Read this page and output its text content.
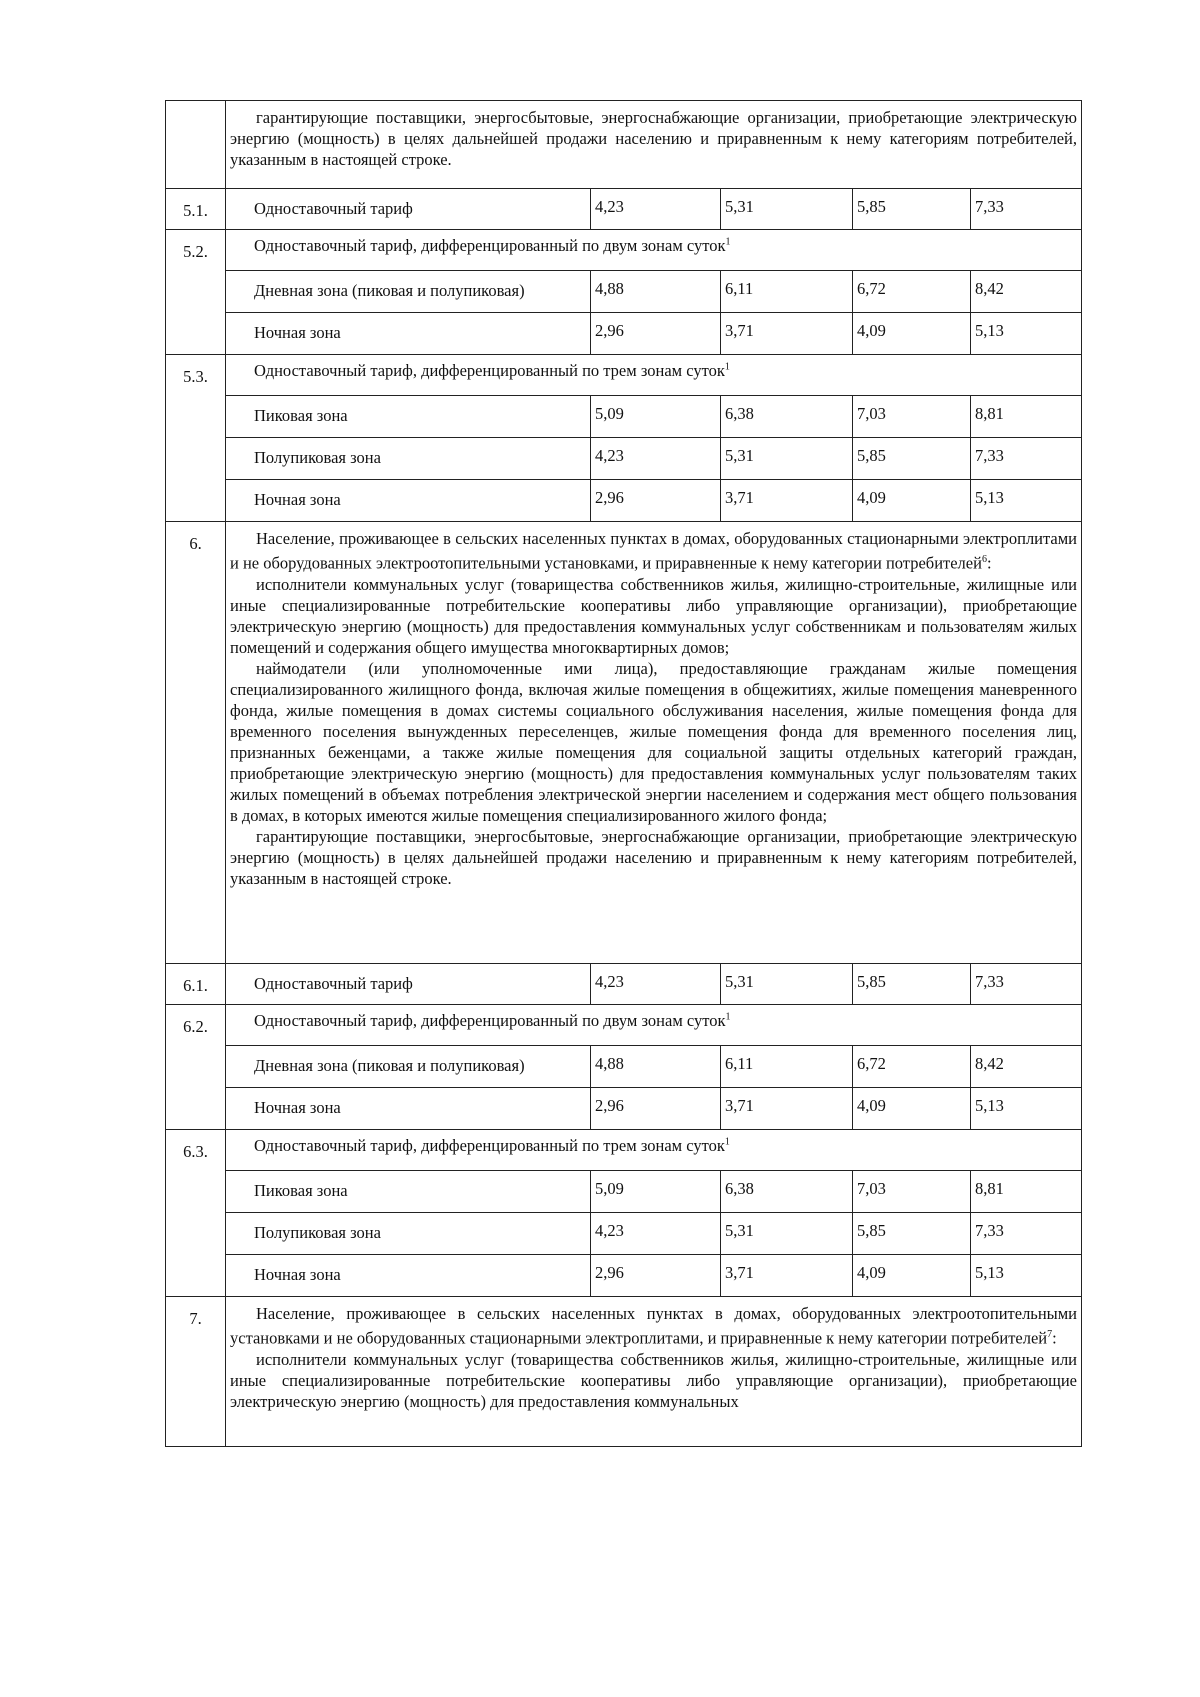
	гарантирующие поставщики, энергосбытовые, энергоснабжающие организации, приобретающие электрическую энергию (мощность) в целях дальнейшей продажи населению и приравненным к нему категориям потребителей, указанным в настоящей строке.				

5.1.	Одноставочный тариф	4,23	5,31	5,85	7,33
5.2.	Одноставочный тариф, дифференцированный по двум зонам суток$^1$
	Дневная зона (пиковая и полупиковая)	4,88	6,11	6,72	8,42
	Ночная зона	2,96	3,71	4,09	5,13
5.3.	Одноставочный тариф, дифференцированный по трем зонам суток$^1$
	Пиковая зона	5,09	6,38	7,03	8,81
	Полупиковая зона	4,23	5,31	5,85	7,33
	Ночная зона	2,96	3,71	4,09	5,13
6.	Население, проживающее в сельских населенных пунктах в домах, оборудованных стационарными электроплитами и не оборудованных электроотопительными установками, и приравненные к нему категории потребителей$^6$:

исполнители коммунальных услуг (товарищества собственников жилья, жилищно-строительные, жилищные или иные специализированные потребительские кооперативы либо управляющие организации), приобретающие электрическую энергию (мощность) для предоставления коммунальных услуг собственникам и пользователям жилых помещений и содержания общего имущества многоквартирных домов;

наймодатели (или уполномоченные ими лица), предоставляющие гражданам жилые помещения специализированного жилищного фонда, включая жилые помещения в общежитиях, жилые помещения маневренного фонда, жилые помещения в домах системы социального обслуживания населения, жилые помещения фонда для временного поселения вынужденных переселенцев, жилые помещения фонда для временного поселения лиц, признанных беженцами, а также жилые помещения для социальной защиты отдельных категорий граждан, приобретающие электрическую энергию (мощность) для предоставления коммунальных услуг пользователям таких жилых помещений в объемах потребления электрической энергии населением и содержания мест общего пользования в домах, в которых имеются жилые помещения специализированного жилого фонда;

гарантирующие поставщики, энергосбытовые, энергоснабжающие организации, приобретающие электрическую энергию (мощность) в целях дальнейшей продажи населению и приравненным к нему категориям потребителей, указанным в настоящей строке.				

6.1.	Одноставочный тариф	4,23	5,31	5,85	7,33
6.2.	Одноставочный тариф, дифференцированный по двум зонам суток$^1$
	Дневная зона (пиковая и полупиковая)	4,88	6,11	6,72	8,42
	Ночная зона	2,96	3,71	4,09	5,13
6.3.	Одноставочный тариф, дифференцированный по трем зонам суток$^1$
	Пиковая зона	5,09	6,38	7,03	8,81
	Полупиковая зона	4,23	5,31	5,85	7,33
	Ночная зона	2,96	3,71	4,09	5,13
7.	Население, проживающее в сельских населенных пунктах в домах, оборудованных электроотопительными установками и не оборудованных стационарными электроплитами, и приравненные к нему категории потребителей$^7$:

исполнители коммунальных услуг (товарищества собственников жилья, жилищно-строительные, жилищные или иные специализированные потребительские кооперативы либо управляющие организации), приобретающие электрическую энергию (мощность) для предоставления коммунальных				
